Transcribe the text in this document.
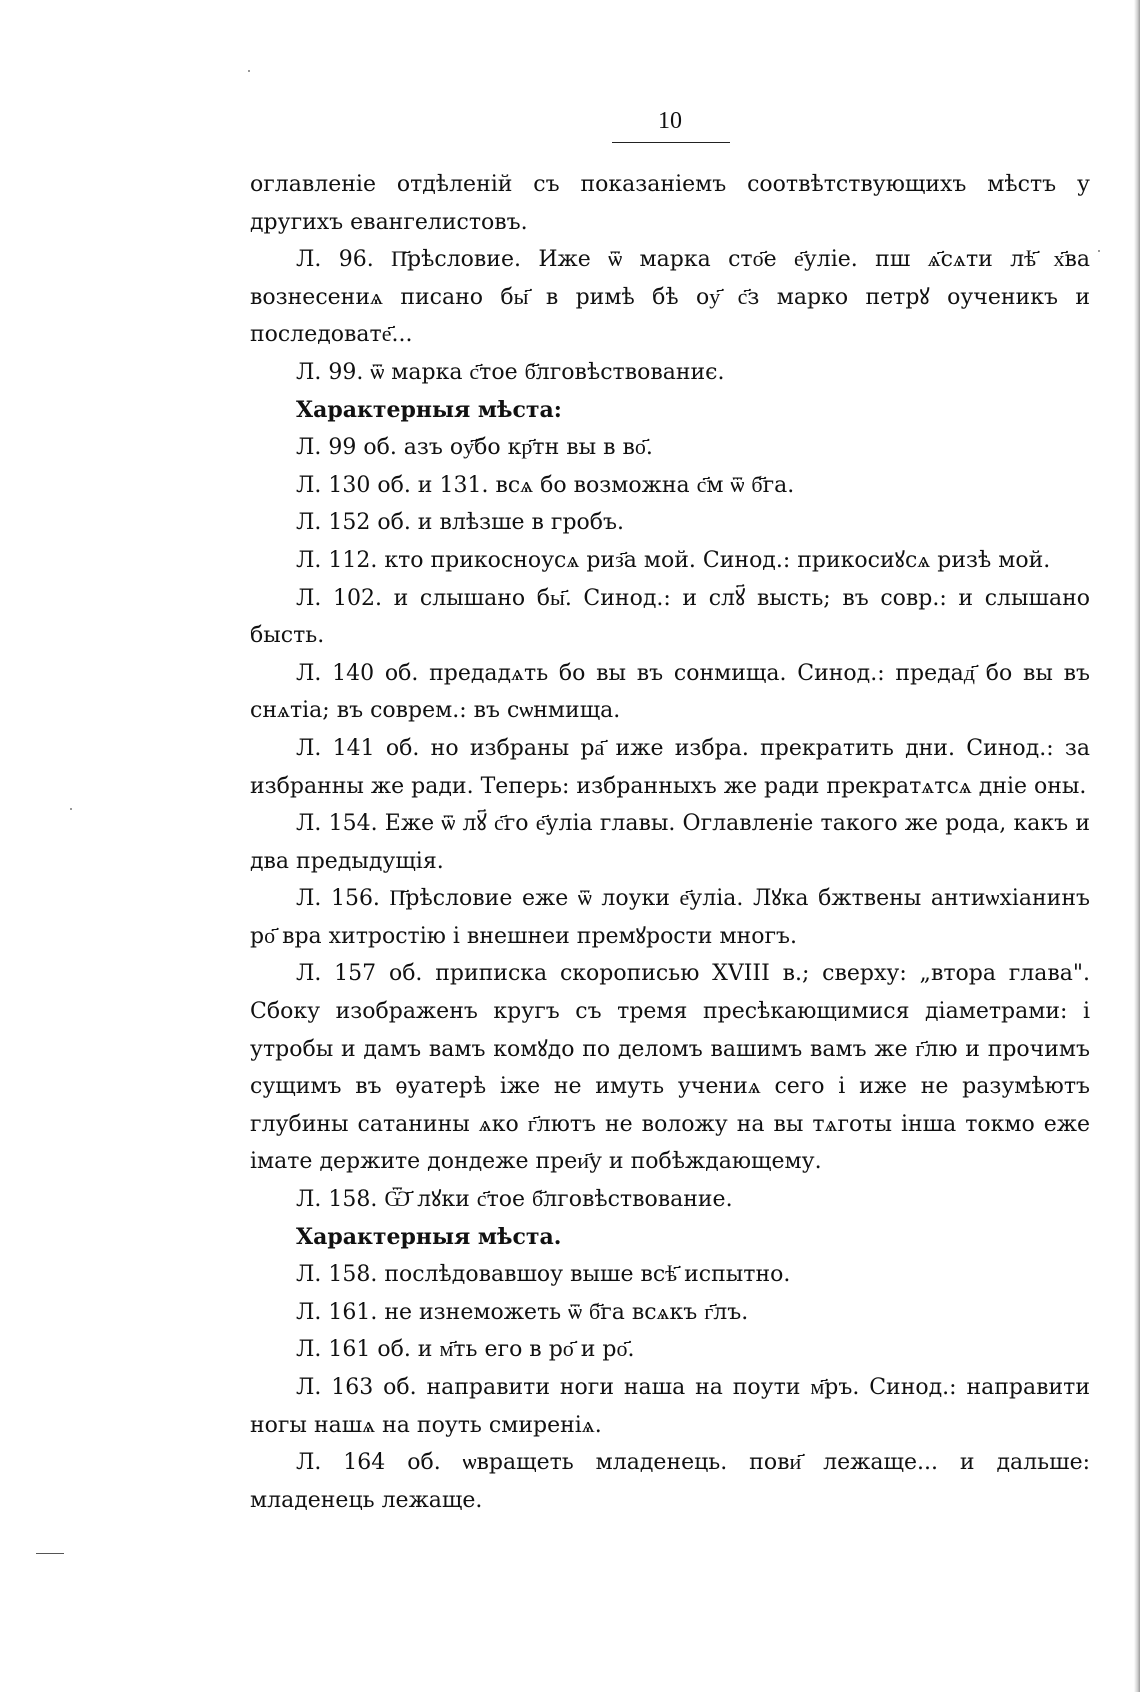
10

оглавленіе отдѣленій съ показаніемъ соотвѣтствующихъ мѣстъ у другихъ евангелистовъ.

Л. 96. П҃рѣсловие. Иже ѿ марка сто҃е е҃уліе. пш ѧ҃сѧти лѣ҃ х҃ва вознесениѧ писано бы҃ в римѣ бѣ оу҃ с҃з марко петрꙋ оученикъ и последовате҃...

Л. 99. ѿ марка с҃тое б҃лговѣствованиє.

Характерныя мѣста:

Л. 99 об. азъ оу҃бо кр҃тн вы в во҃.

Л. 130 об. и 131. всѧ бо возможна с҃м ѿ б҃га.

Л. 152 об. и влѣзше в гробъ.

Л. 112. кто прикосноусѧ риз҃а мой. Синод.: прикосиꙋсѧ ризѣ мой.

Л. 102. и слышано бы҃. Синод.: и слꙋ҃ высть; въ совр.: и слышано бысть.

Л. 140 об. предадѧть бо вы въ сонмища. Синод.: предад҃ бо вы въ снѧтіа; въ соврем.: въ сѡнмища.

Л. 141 об. но избраны ра҃ иже избра. прекратить дни. Синод.: за избранны же ради. Теперь: избранныхъ же ради прекратѧтсѧ дніе оны.

Л. 154. Еже ѿ лꙋ҃ с҃го е҃уліа главы. Оглавленіе такого же рода, какъ и два предыдущія.

Л. 156. П҃рѣсловие еже ѿ лоуки е҃уліа. Лꙋка бжтвены антиѡхіанинъ ро҃ вра хитростію і внешнеи премꙋрости многъ.

Л. 157 об. приписка скорописью XVIII в.; сверху: „втора глава". Сбоку изображенъ кругъ съ тремя пресѣкающимися діаметрами: і утробы и дамъ вамъ комꙋдо по деломъ вашимъ вамъ же г҃лю и прочимъ сущимъ въ ѳуатерѣ іже не имуть учениѧ сего і иже не разумѣютъ глубины сатанины ѧко г҃лютъ не воложу на вы тѧготы інша токмо еже імате держите дондеже преи҃у и побѣждающему.

Л. 158. Ѿ҃ лꙋки с҃тое б҃лговѣствование.

Характерныя мѣста.

Л. 158. послѣдовавшоу выше всѣ҃ испытно.

Л. 161. не изнеможеть ѿ б҃га всѧкъ г҃лъ.

Л. 161 об. и м҃ть его в ро҃ и ро҃.

Л. 163 об. направити ноги наша на поути м҃ръ. Синод.: направити ногы нашѧ на поуть смиреніѧ.

Л. 164 об. ѡвращеть младенець. пови҃ лежаще... и дальше: младенець лежаще.
